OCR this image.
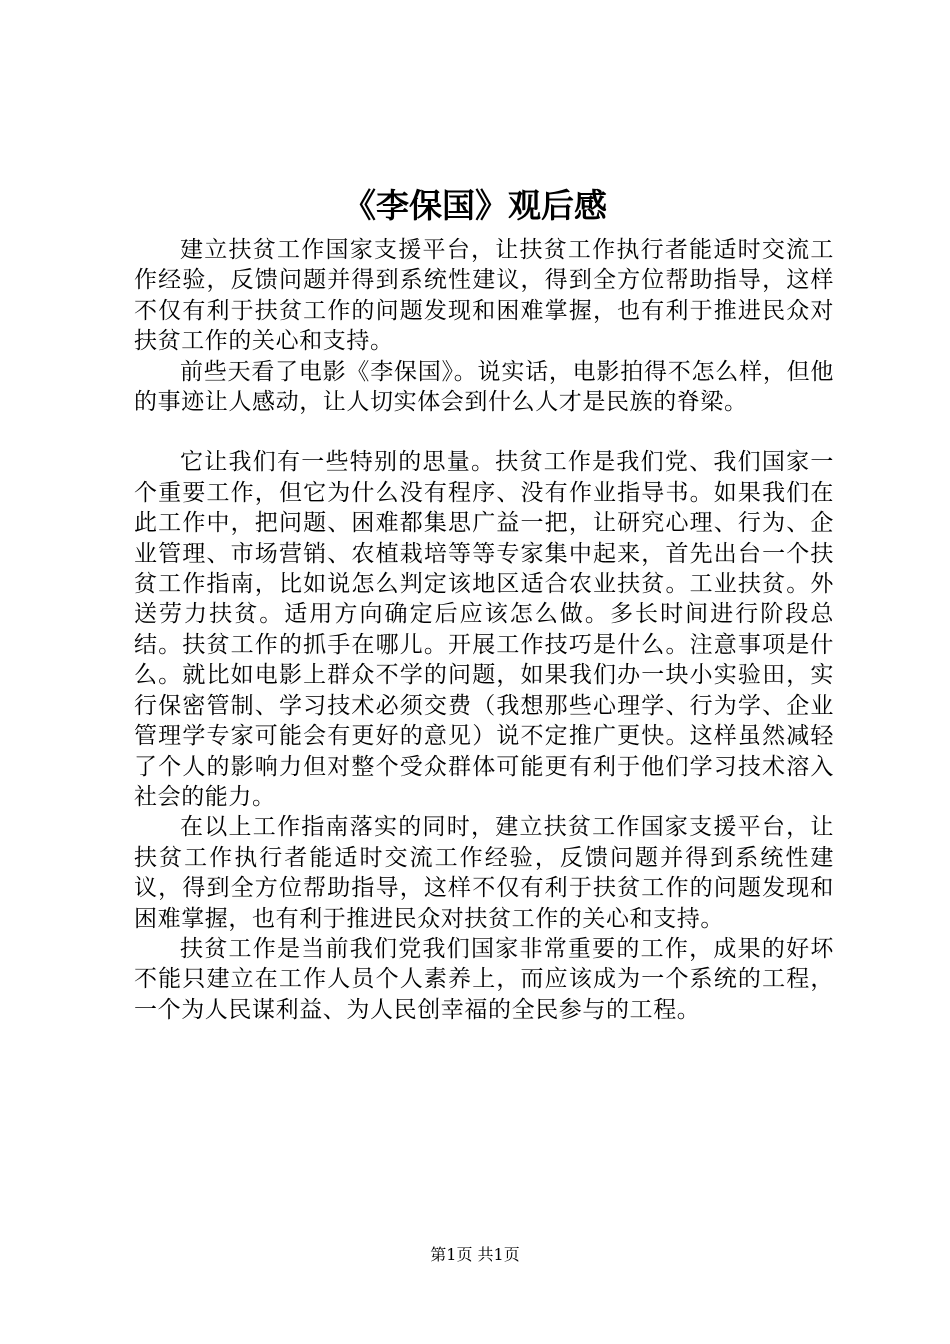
《李保国》观后感

建立扶贫工作国家支援平台，让扶贫工作执行者能适时交流工作经验，反馈问题并得到系统性建议，得到全方位帮助指导，这样不仅有利于扶贫工作的问题发现和困难掌握，也有利于推进民众对扶贫工作的关心和支持。

前些天看了电影《李保国》。说实话，电影拍得不怎么样，但他的事迹让人感动，让人切实体会到什么人才是民族的脊梁。

它让我们有一些特别的思量。扶贫工作是我们党、我们国家一个重要工作，但它为什么没有程序、没有作业指导书。如果我们在此工作中，把问题、困难都集思广益一把，让研究心理、行为、企业管理、市场营销、农植栽培等等专家集中起来，首先出台一个扶贫工作指南，比如说怎么判定该地区适合农业扶贫。工业扶贫。外送劳力扶贫。适用方向确定后应该怎么做。多长时间进行阶段总结。扶贫工作的抓手在哪儿。开展工作技巧是什么。注意事项是什么。就比如电影上群众不学的问题，如果我们办一块小实验田，实行保密管制、学习技术必须交费（我想那些心理学、行为学、企业管理学专家可能会有更好的意见）说不定推广更快。这样虽然减轻了个人的影响力但对整个受众群体可能更有利于他们学习技术溶入社会的能力。

在以上工作指南落实的同时，建立扶贫工作国家支援平台，让扶贫工作执行者能适时交流工作经验，反馈问题并得到系统性建议，得到全方位帮助指导，这样不仅有利于扶贫工作的问题发现和困难掌握，也有利于推进民众对扶贫工作的关心和支持。

扶贫工作是当前我们党我们国家非常重要的工作，成果的好坏不能只建立在工作人员个人素养上，而应该成为一个系统的工程，一个为人民谋利益、为人民创幸福的全民参与的工程。

第1页 共1页
